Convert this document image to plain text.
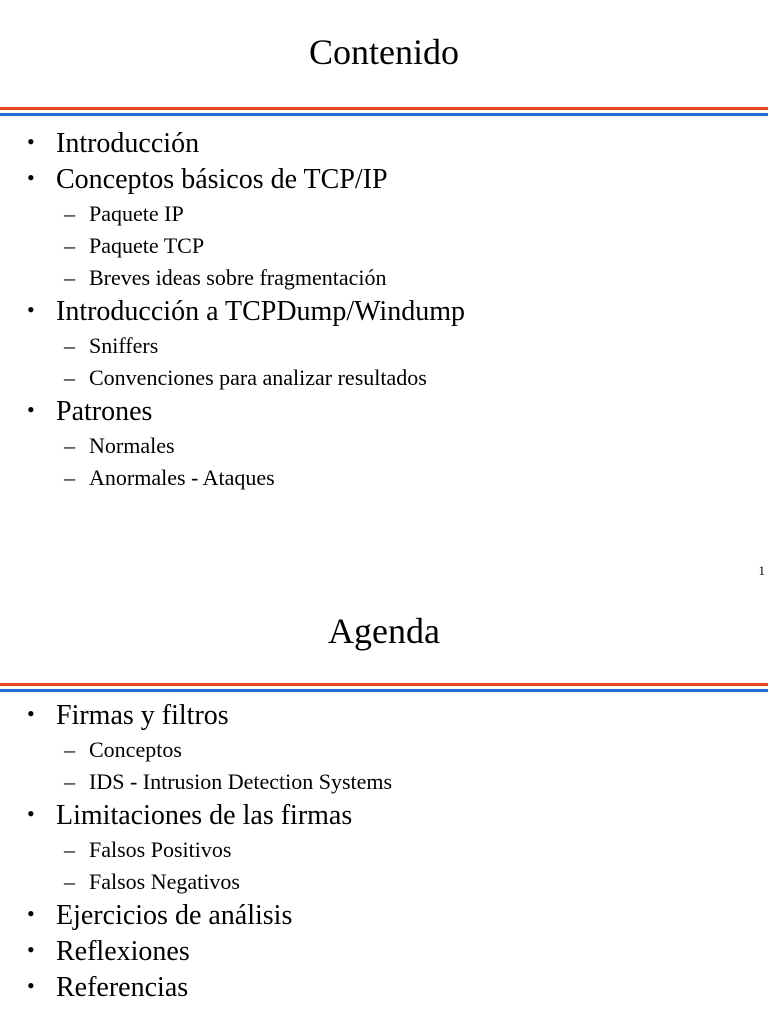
Contenido
• Introducción
• Conceptos básicos de TCP/IP
– Paquete IP
– Paquete TCP
– Breves ideas sobre fragmentación
• Introducción a TCPDump/Windump
– Sniffers
– Convenciones para analizar resultados
• Patrones
– Normales
– Anormales - Ataques
1
Agenda
• Firmas y filtros
– Conceptos
– IDS - Intrusion Detection Systems
• Limitaciones de las firmas
– Falsos Positivos
– Falsos Negativos
• Ejercicios de análisis
• Reflexiones
• Referencias
